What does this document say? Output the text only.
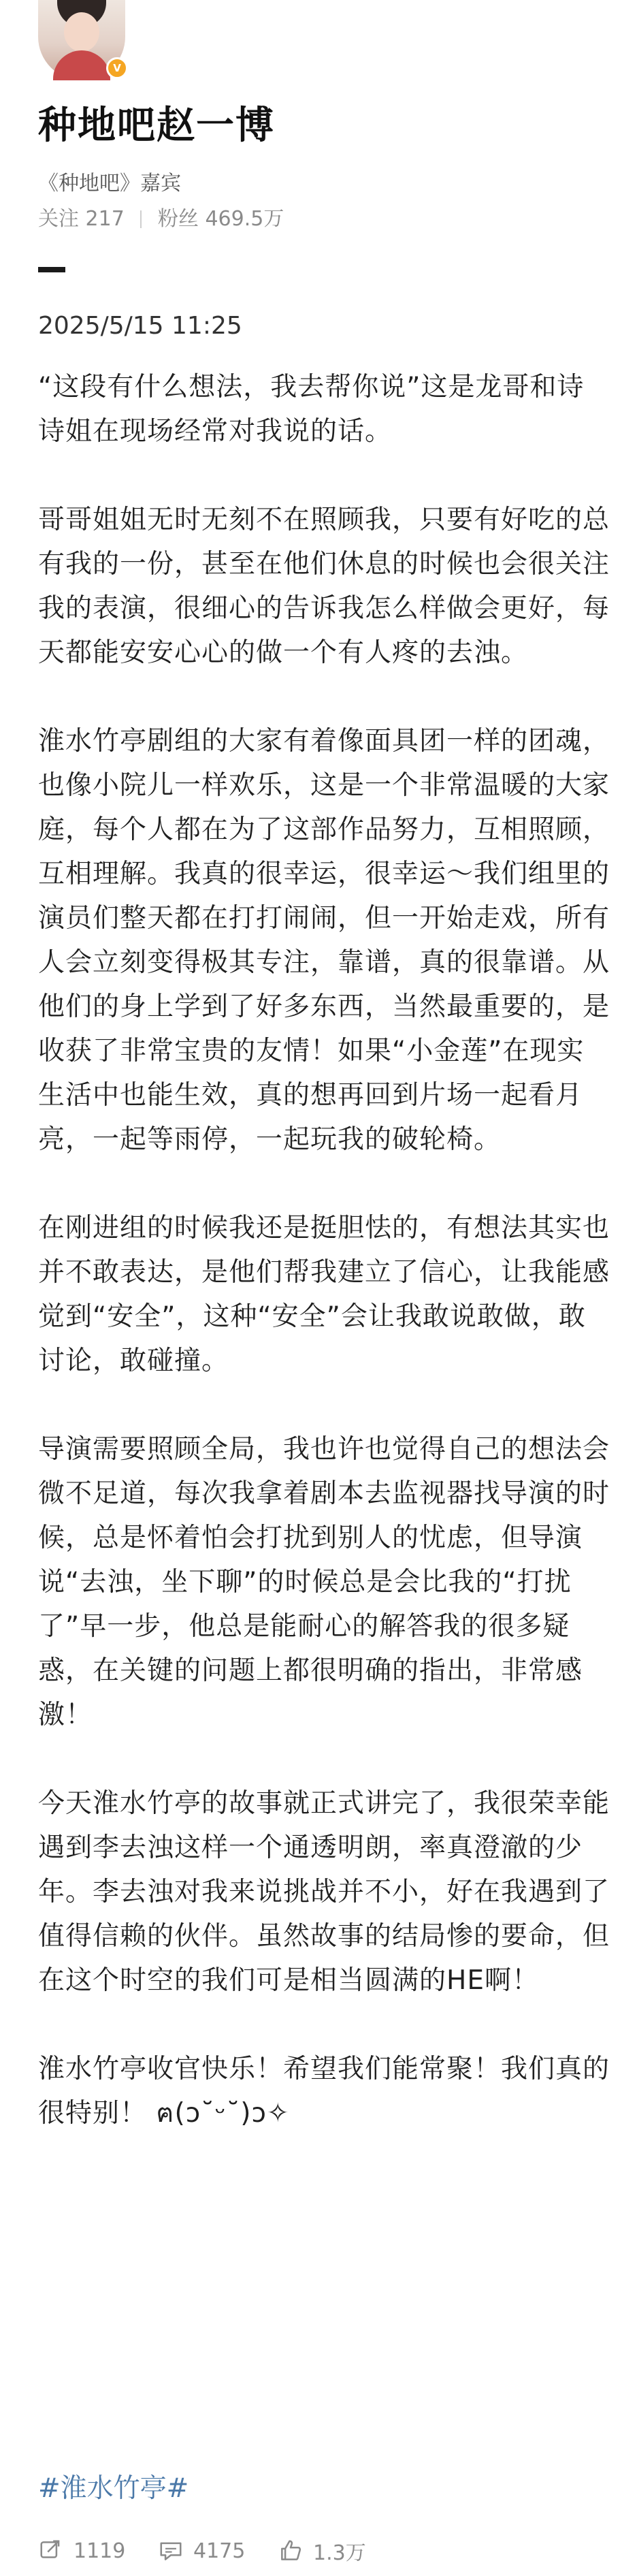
V
种地吧赵一博
《种地吧》嘉宾
关注 217 粉丝 469.5万
2025/5/15 11:25

“这段有什么想法，我去帮你说”这是龙哥和诗诗姐在现场经常对我说的话。

哥哥姐姐无时无刻不在照顾我，只要有好吃的总有我的一份，甚至在他们休息的时候也会很关注我的表演，很细心的告诉我怎么样做会更好，每天都能安安心心的做一个有人疼的去浊。

淮水竹亭剧组的大家有着像面具团一样的团魂，也像小院儿一样欢乐，这是一个非常温暖的大家庭，每个人都在为了这部作品努力，互相照顾，互相理解。我真的很幸运，很幸运～我们组里的演员们整天都在打打闹闹，但一开始走戏，所有人会立刻变得极其专注，靠谱，真的很靠谱。从他们的身上学到了好多东西，当然最重要的，是收获了非常宝贵的友情！如果“小金莲”在现实生活中也能生效，真的想再回到片场一起看月亮，一起等雨停，一起玩我的破轮椅。

在刚进组的时候我还是挺胆怯的，有想法其实也并不敢表达，是他们帮我建立了信心，让我能感觉到“安全”，这种“安全”会让我敢说敢做，敢讨论，敢碰撞。

导演需要照顾全局，我也许也觉得自己的想法会微不足道，每次我拿着剧本去监视器找导演的时候，总是怀着怕会打扰到别人的忧虑，但导演说“去浊，坐下聊”的时候总是会比我的“打扰了”早一步，他总是能耐心的解答我的很多疑惑，在关键的问题上都很明确的指出，非常感激！

今天淮水竹亭的故事就正式讲完了，我很荣幸能遇到李去浊这样一个通透明朗，率真澄澈的少年。李去浊对我来说挑战并不小，好在我遇到了值得信赖的伙伴。虽然故事的结局惨的要命，但在这个时空的我们可是相当圆满的HE啊！

淮水竹亭收官快乐！希望我们能常聚！我们真的很特别！ ฅ(ɔ˘ᵕ˘)ɔ✧

#淮水竹亭#
1119	4175	1.3万
